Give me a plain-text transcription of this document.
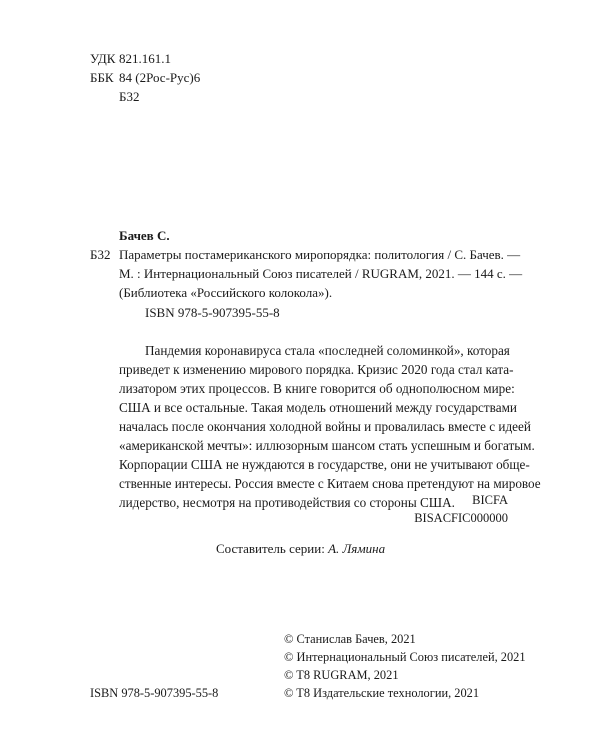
УДК 821.161.1
ББК 84 (2Рос-Рус)6
Б32
Бачев С.
Б32 Параметры постамериканского миропорядка: политология / С. Бачев. —
М. : Интернациональный Союз писателей / RUGRAM, 2021. — 144 с. —
(Библиотека «Российского колокола»).
ISBN 978-5-907395-55-8
Пандемия коронавируса стала «последней соломинкой», которая
приведет к изменению мирового порядка. Кризис 2020 года стал ката-
лизатором этих процессов. В книге говорится об однополюсном мире:
США и все остальные. Такая модель отношений между государствами
началась после окончания холодной войны и провалилась вместе с идеей
«американской мечты»: иллюзорным шансом стать успешным и богатым.
Корпорации США не нуждаются в государстве, они не учитывают обще-
ственные интересы. Россия вместе с Китаем снова претендуют на мировое
лидерство, несмотря на противодействия со стороны США.	BICFA
BISACFIC000000
Составитель серии: А. Лямина
ISBN 978-5-907395-55-8
© Станислав Бачев, 2021
© Интернациональный Союз писателей, 2021
© T8 RUGRAM, 2021
© T8 Издательские технологии, 2021
